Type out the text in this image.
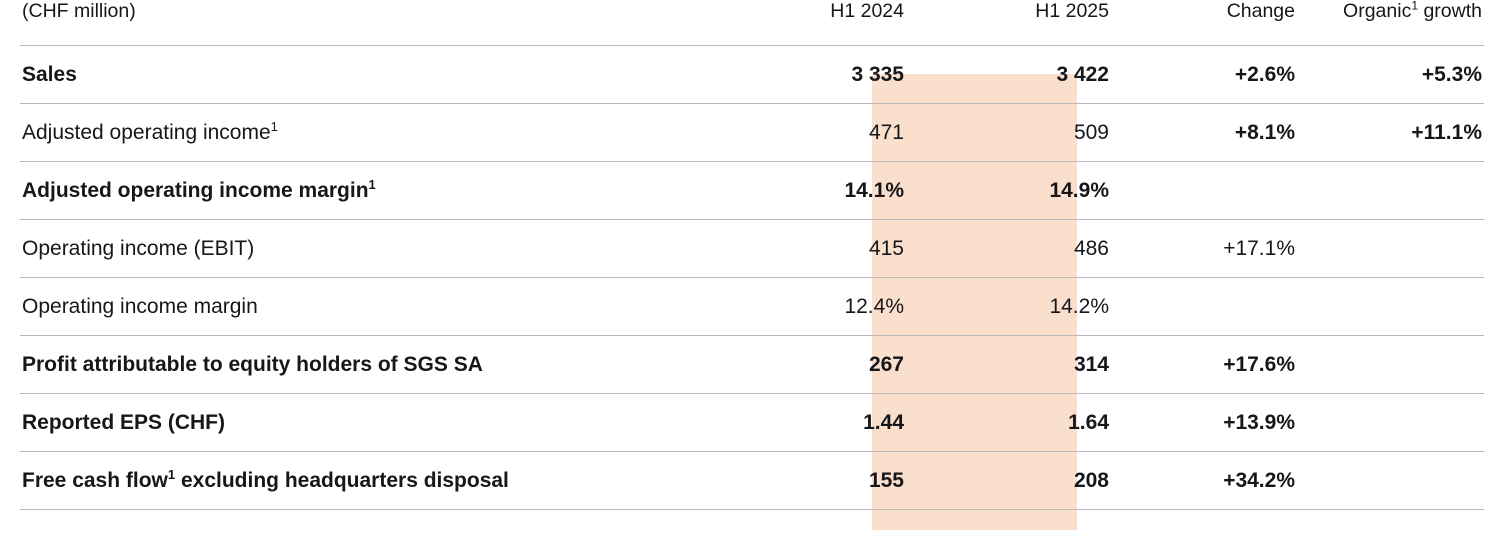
(CHF million)	H1 2024	H1 2025	Change	Organic$^1$ growth
Sales	3 335	3 422	+2.6%	+5.3%
Adjusted operating income$^1$	471	509	+8.1%	+11.1%
Adjusted operating income margin$^1$	14.1%	14.9%		
Operating income (EBIT)	415	486	+17.1%	
Operating income margin	12.4%	14.2%		
Profit attributable to equity holders of SGS SA	267	314	+17.6%	
Reported EPS (CHF)	1.44	1.64	+13.9%	
Free cash flow$^1$ excluding headquarters disposal	155	208	+34.2%	
